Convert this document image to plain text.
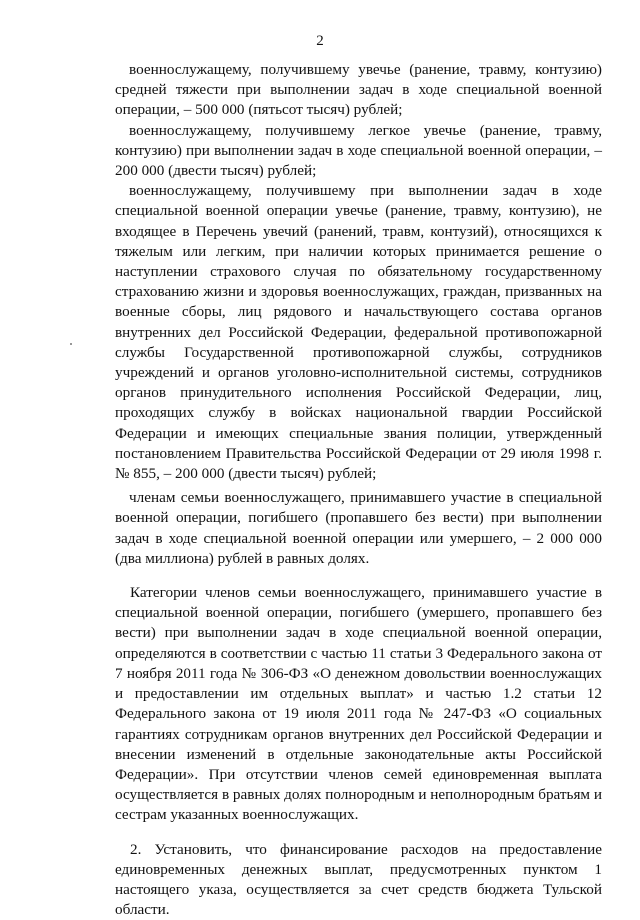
2

военнослужащему, получившему увечье (ранение, травму, контузию) средней тяжести при выполнении задач в ходе специальной военной операции, – 500 000 (пятьсот тысяч) рублей;

военнослужащему, получившему легкое увечье (ранение, травму, контузию) при выполнении задач в ходе специальной военной операции, – 200 000 (двести тысяч) рублей;

военнослужащему, получившему при выполнении задач в ходе специальной военной операции увечье (ранение, травму, контузию), не входящее в Перечень увечий (ранений, травм, контузий), относящихся к тяжелым или легким, при наличии которых принимается решение о наступлении страхового случая по обязательному государственному страхованию жизни и здоровья военнослужащих, граждан, призванных на военные сборы, лиц рядового и начальствующего состава органов внутренних дел Российской Федерации, федеральной противопожарной службы Государственной противопожарной службы, сотрудников учреждений и органов уголовно-исполнительной системы, сотрудников органов принудительного исполнения Российской Федерации, лиц, проходящих службу в войсках национальной гвардии Российской Федерации и имеющих специальные звания полиции, утвержденный постановлением Правительства Российской Федерации от 29 июля 1998 г. № 855, – 200 000 (двести тысяч) рублей;

членам семьи военнослужащего, принимавшего участие в специальной военной операции, погибшего (пропавшего без вести) при выполнении задач в ходе специальной военной операции или умершего, – 2 000 000 (два миллиона) рублей в равных долях.

Категории членов семьи военнослужащего, принимавшего участие в специальной военной операции, погибшего (умершего, пропавшего без вести) при выполнении задач в ходе специальной военной операции, определяются в соответствии с частью 11 статьи 3 Федерального закона от 7 ноября 2011 года № 306-ФЗ «О денежном довольствии военнослужащих и предоставлении им отдельных выплат» и частью 1.2 статьи 12 Федерального закона от 19 июля 2011 года № 247-ФЗ «О социальных гарантиях сотрудникам органов внутренних дел Российской Федерации и внесении изменений в отдельные законодательные акты Российской Федерации». При отсутствии членов семей единовременная выплата осуществляется в равных долях полнородным и неполнородным братьям и сестрам указанных военнослужащих.

2. Установить, что финансирование расходов на предоставление единовременных денежных выплат, предусмотренных пунктом 1 настоящего указа, осуществляется за счет средств бюджета Тульской области.
